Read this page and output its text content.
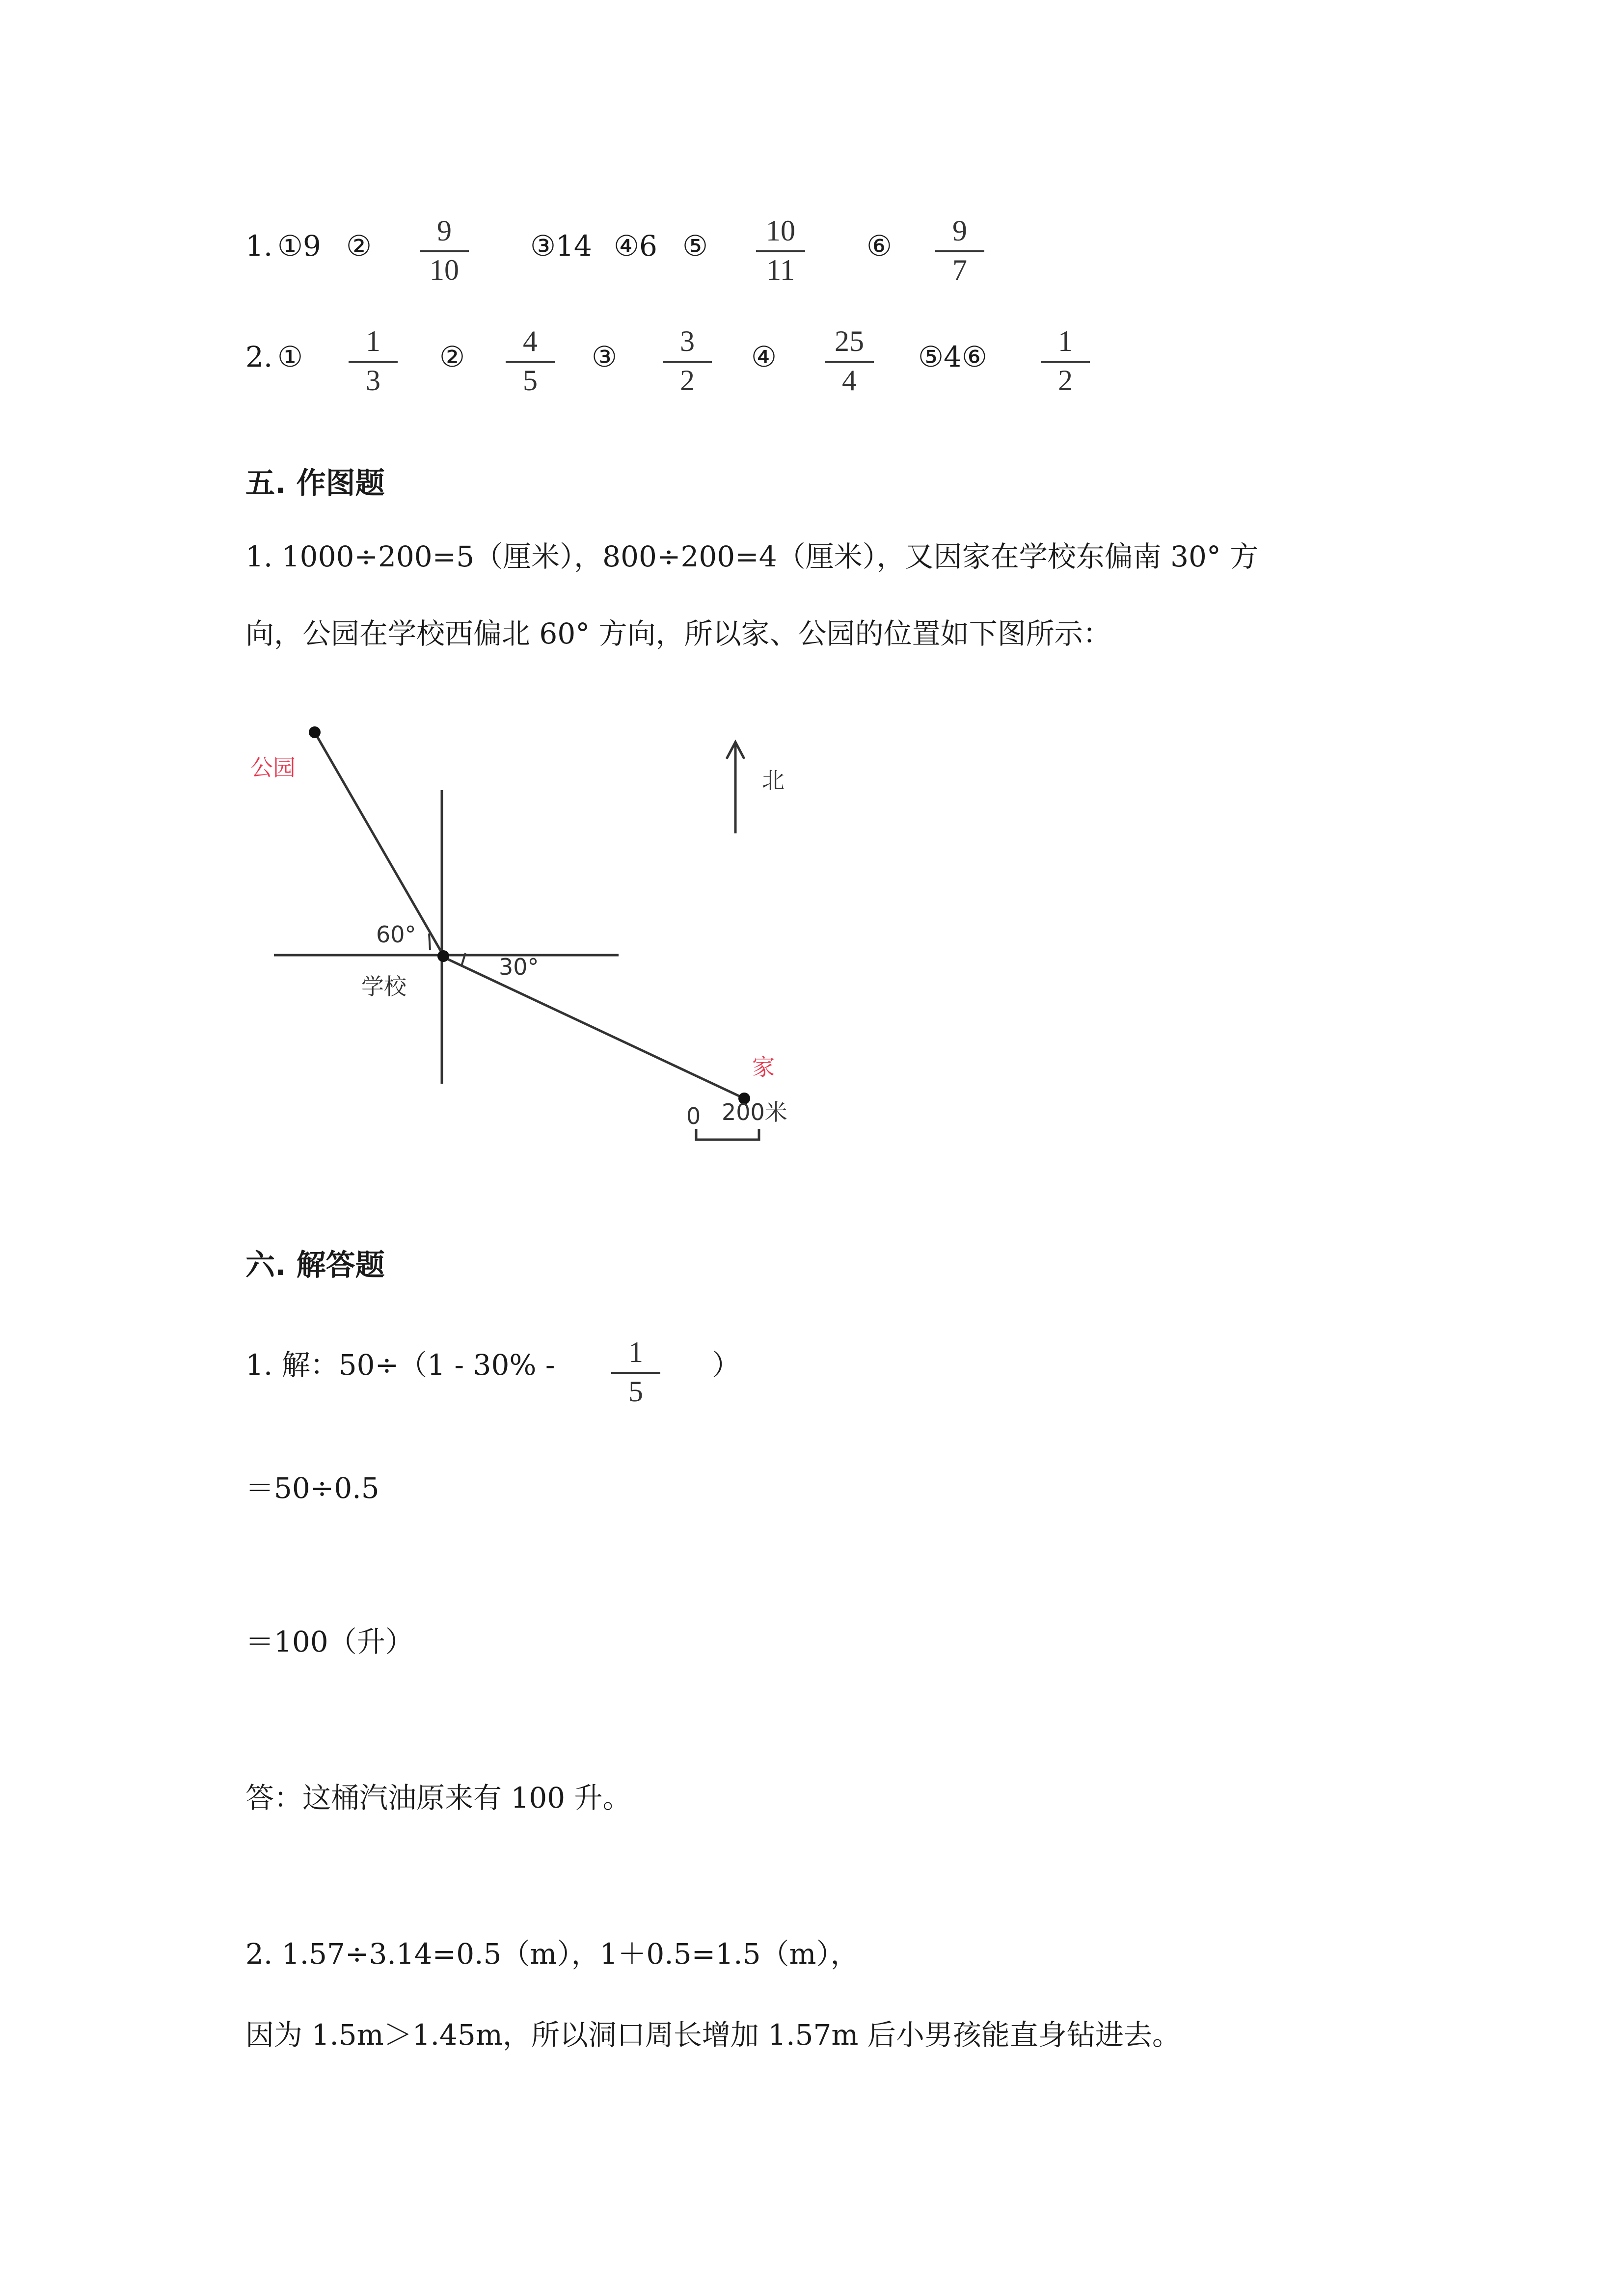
1. ①9 ②	9
10
③14 ④6 ⑤	10
11
⑥	9
7
2. ①	1
3
②	4
5
③	3
2
④	25
4
⑤4⑥	1
2
五. 作图题
1. 1000÷200=5（厘米），800÷200=4（厘米），又因家在学校东偏南 30° 方
向，公园在学校西偏北 60° 方向，所以家、公园的位置如下图所示：
公园	北
60°
学校
30°
家
0 200米
六. 解答题
1. 解：50÷（1 - 30% -	1
5
）
＝50÷0.5
＝100（升）
答：这桶汽油原来有 100 升。
2. 1.57÷3.14=0.5（m），1＋0.5=1.5（m），
因为 1.5m＞1.45m，所以洞口周长增加 1.57m 后小男孩能直身钻进去。
